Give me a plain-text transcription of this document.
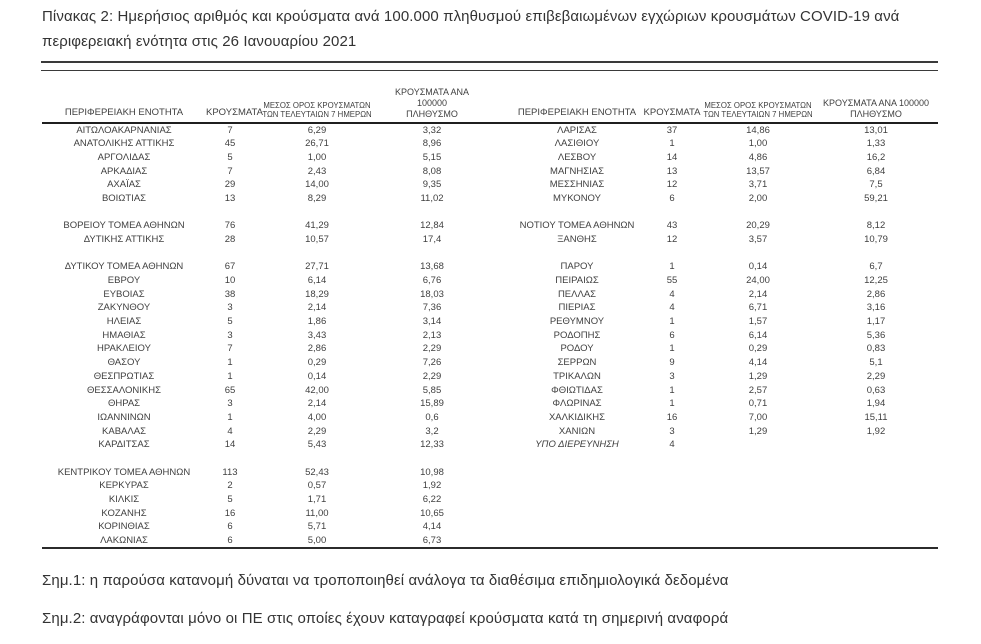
Πίνακας 2: Ημερήσιος αριθμός και κρούσματα ανά 100.000 πληθυσμού επιβεβαιωμένων εγχώριων κρουσμάτων COVID-19 ανά περιφερειακή ενότητα στις 26 Ιανουαρίου 2021
ΠΕΡΙΦΕΡΕΙΑΚΗ ΕΝΟΤΗΤΑ	ΚΡΟΥΣΜΑΤΑ	ΜΕΣΟΣ ΟΡΟΣ ΚΡΟΥΣΜΑΤΩΝ
ΤΩΝ ΤΕΛΕΥΤΑΙΩΝ 7 ΗΜΕΡΩΝ	ΚΡΟΥΣΜΑΤΑ ΑΝΑ 100000
ΠΛΗΘΥΣΜΟ		ΠΕΡΙΦΕΡΕΙΑΚΗ ΕΝΟΤΗΤΑ	ΚΡΟΥΣΜΑΤΑ	ΜΕΣΟΣ ΟΡΟΣ ΚΡΟΥΣΜΑΤΩΝ
ΤΩΝ ΤΕΛΕΥΤΑΙΩΝ 7 ΗΜΕΡΩΝ	ΚΡΟΥΣΜΑΤΑ ΑΝΑ 100000
ΠΛΗΘΥΣΜΟ

ΑΙΤΩΛΟΑΚΑΡΝΑΝΙΑΣ	7	6,29	3,32		ΛΑΡΙΣΑΣ	37	14,86	13,01
ΑΝΑΤΟΛΙΚΗΣ ΑΤΤΙΚΗΣ	45	26,71	8,96		ΛΑΣΙΘΙΟΥ	1	1,00	1,33
ΑΡΓΟΛΙΔΑΣ	5	1,00	5,15		ΛΕΣΒΟΥ	14	4,86	16,2
ΑΡΚΑΔΙΑΣ	7	2,43	8,08		ΜΑΓΝΗΣΙΑΣ	13	13,57	6,84
ΑΧΑΪΑΣ	29	14,00	9,35		ΜΕΣΣΗΝΙΑΣ	12	3,71	7,5
ΒΟΙΩΤΙΑΣ	13	8,29	11,02		ΜΥΚΟΝΟΥ	6	2,00	59,21

ΒΟΡΕΙΟΥ ΤΟΜΕΑ ΑΘΗΝΩΝ	76	41,29	12,84		ΝΟΤΙΟΥ ΤΟΜΕΑ ΑΘΗΝΩΝ	43	20,29	8,12
ΔΥΤΙΚΗΣ ΑΤΤΙΚΗΣ	28	10,57	17,4		ΞΑΝΘΗΣ	12	3,57	10,79

ΔΥΤΙΚΟΥ ΤΟΜΕΑ ΑΘΗΝΩΝ	67	27,71	13,68		ΠΑΡΟΥ	1	0,14	6,7
ΕΒΡΟΥ	10	6,14	6,76		ΠΕΙΡΑΙΩΣ	55	24,00	12,25
ΕΥΒΟΙΑΣ	38	18,29	18,03		ΠΕΛΛΑΣ	4	2,14	2,86
ΖΑΚΥΝΘΟΥ	3	2,14	7,36		ΠΙΕΡΙΑΣ	4	6,71	3,16
ΗΛΕΙΑΣ	5	1,86	3,14		ΡΕΘΥΜΝΟΥ	1	1,57	1,17
ΗΜΑΘΙΑΣ	3	3,43	2,13		ΡΟΔΟΠΗΣ	6	6,14	5,36
ΗΡΑΚΛΕΙΟΥ	7	2,86	2,29		ΡΟΔΟΥ	1	0,29	0,83
ΘΑΣΟΥ	1	0,29	7,26		ΣΕΡΡΩΝ	9	4,14	5,1
ΘΕΣΠΡΩΤΙΑΣ	1	0,14	2,29		ΤΡΙΚΑΛΩΝ	3	1,29	2,29
ΘΕΣΣΑΛΟΝΙΚΗΣ	65	42,00	5,85		ΦΘΙΩΤΙΔΑΣ	1	2,57	0,63
ΘΗΡΑΣ	3	2,14	15,89		ΦΛΩΡΙΝΑΣ	1	0,71	1,94
ΙΩΑΝΝΙΝΩΝ	1	4,00	0,6		ΧΑΛΚΙΔΙΚΗΣ	16	7,00	15,11
ΚΑΒΑΛΑΣ	4	2,29	3,2		ΧΑΝΙΩΝ	3	1,29	1,92
ΚΑΡΔΙΤΣΑΣ	14	5,43	12,33		ΥΠΟ ΔΙΕΡΕΥΝΗΣΗ	4		

ΚΕΝΤΡΙΚΟΥ ΤΟΜΕΑ ΑΘΗΝΩΝ	113	52,43	10,98					
ΚΕΡΚΥΡΑΣ	2	0,57	1,92					
ΚΙΛΚΙΣ	5	1,71	6,22					
ΚΟΖΑΝΗΣ	16	11,00	10,65					
ΚΟΡΙΝΘΙΑΣ	6	5,71	4,14					
ΛΑΚΩΝΙΑΣ	6	5,00	6,73					
Σημ.1: η παρούσα κατανομή δύναται να τροποποιηθεί ανάλογα τα διαθέσιμα επιδημιολογικά δεδομένα
Σημ.2: αναγράφονται μόνο οι ΠΕ στις οποίες έχουν καταγραφεί κρούσματα κατά τη σημερινή αναφορά
